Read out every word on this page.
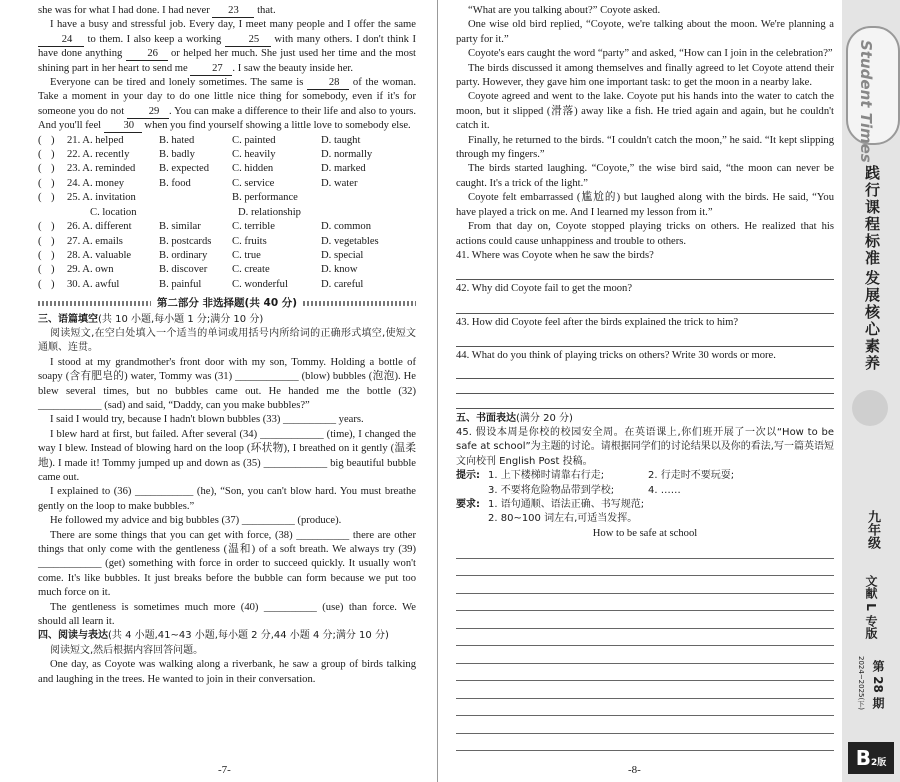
she was for what I had done. I had never 23 that.

I have a busy and stressful job. Every day, I meet many people and I offer the same 24 to them. I also keep a working	25 with many others. I don't think I have done anything 26 or helped her much. She just used her time and the most shining part in her heart to send me 27 . I saw the beauty inside her.

Everyone can be tired and lonely sometimes. The same is 28 of the woman. Take a moment in your day to do one little nice thing for somebody, even if it's for someone you do not 29 . You can make a difference to their life and also to yours. And you'll feel 30 when you find yourself showing a little love to somebody else.

( )	21. A. helped	B. hated	C. painted	D. taught
( )	22. A. recently	B. badly	C. heavily	D. normally
( )	23. A. reminded	B. expected	C. hidden	D. marked
( )	24. A. money	B. food	C. service	D. water
( )	25. A. invitation	B. performance
C. location	D. relationship
( )	26. A. different	B. similar	C. terrible	D. common
( )	27. A. emails	B. postcards	C. fruits	D. vegetables
( )	28. A. valuable	B. ordinary	C. true	D. special
( )	29. A. own	B. discover	C. create	D. know
( )	30. A. awful	B. painful	C. wonderful	D. careful
第二部分 非选择题(共 40 分)

三、语篇填空(共 10 小题,每小题 1 分;满分 10 分)

阅读短文,在空白处填入一个适当的单词或用括号内所给词的正确形式填空,使短文通顺、连贯。

I stood at my grandmother's front door with my son, Tommy. Holding a bottle of soapy (含有肥皂的) water, Tommy was (31) ____________ (blow) bubbles (泡泡). He blew several times, but no bubbles came out. He handed me the bottle (32) ____________ (sad) and said, “Daddy, can you make bubbles?”

I said I would try, because I hadn't blown bubbles (33) __________ years.

I blew hard at first, but failed. After several (34) ____________ (time), I changed the way I blew. Instead of blowing hard on the loop (环状物), I breathed on it gently (温柔地). I made it! Tommy jumped up and down as (35) ____________ big beautiful bubble came out.

I explained to (36) ___________ (he), “Son, you can't blow hard. You must breathe gently on the loop to make bubbles.”

He followed my advice and big bubbles (37) __________ (produce).

There are some things that you can get with force, (38) __________ there are other things that only come with the gentleness (温和) of a soft breath. We always try (39) ____________ (get) something with force in order to succeed quickly. It usually won't come. It's like bubbles. It just breaks before the bubble can form because we put too much force on it.

The gentleness is sometimes much more (40) __________ (use) than force. We should all learn it.

四、阅读与表达(共 4 小题,41~43 小题,每小题 2 分,44 小题 4 分;满分 10 分)

阅读短文,然后根据内容回答问题。

One day, as Coyote was walking along a riverbank, he saw a group of birds talking and laughing in the trees. He wanted to join in their conversation.

-7-

“What are you talking about?” Coyote asked.

One wise old bird replied, “Coyote, we're talking about the moon. We're planning a party for it.”

Coyote's ears caught the word “party” and asked, “How can I join in the celebration?”

The birds discussed it among themselves and finally agreed to let Coyote attend their party. However, they gave him one important task: to get the moon in a nearby lake.

Coyote agreed and went to the lake. Coyote put his hands into the water to catch the moon, but it slipped (滑落) away like a fish. He tried again and again, but he couldn't catch it.

Finally, he returned to the birds. “I couldn't catch the moon,” he said. “It kept slipping through my fingers.”

The birds started laughing. “Coyote,” the wise bird said, “the moon can never be caught. It's a trick of the light.”

Coyote felt embarrassed (尴尬的) but laughed along with the birds. He said, “You have played a trick on me. And I learned my lesson from it.”

From that day on, Coyote stopped playing tricks on others. He realized that his actions could cause unhappiness and trouble to others.

41. Where was Coyote when he saw the birds?

42. Why did Coyote fail to get the moon?

43. How did Coyote feel after the birds explained the trick to him?

44. What do you think of playing tricks on others? Write 30 words or more.

五、书面表达(满分 20 分)

45. 假设本周是你校的校园安全周。在英语课上,你们班开展了一次以“How to be safe at school”为主题的讨论。请根据同学们的讨论结果以及你的看法,写一篇英语短文向校刊 English Post 投稿。

提示: 1. 上下楼梯时请靠右行走;	2. 行走时不要玩耍;
3. 不要将危险物品带到学校;	4. ……
要求: 1. 语句通顺、语法正确、书写规范;
2. 80~100 词左右,可适当发挥。

How to be safe at school

-8-
Student Times
践行课程标准
发展核心素养
九年级
文献 L 专版
第 28 期
2024~2025(下)
B2版
